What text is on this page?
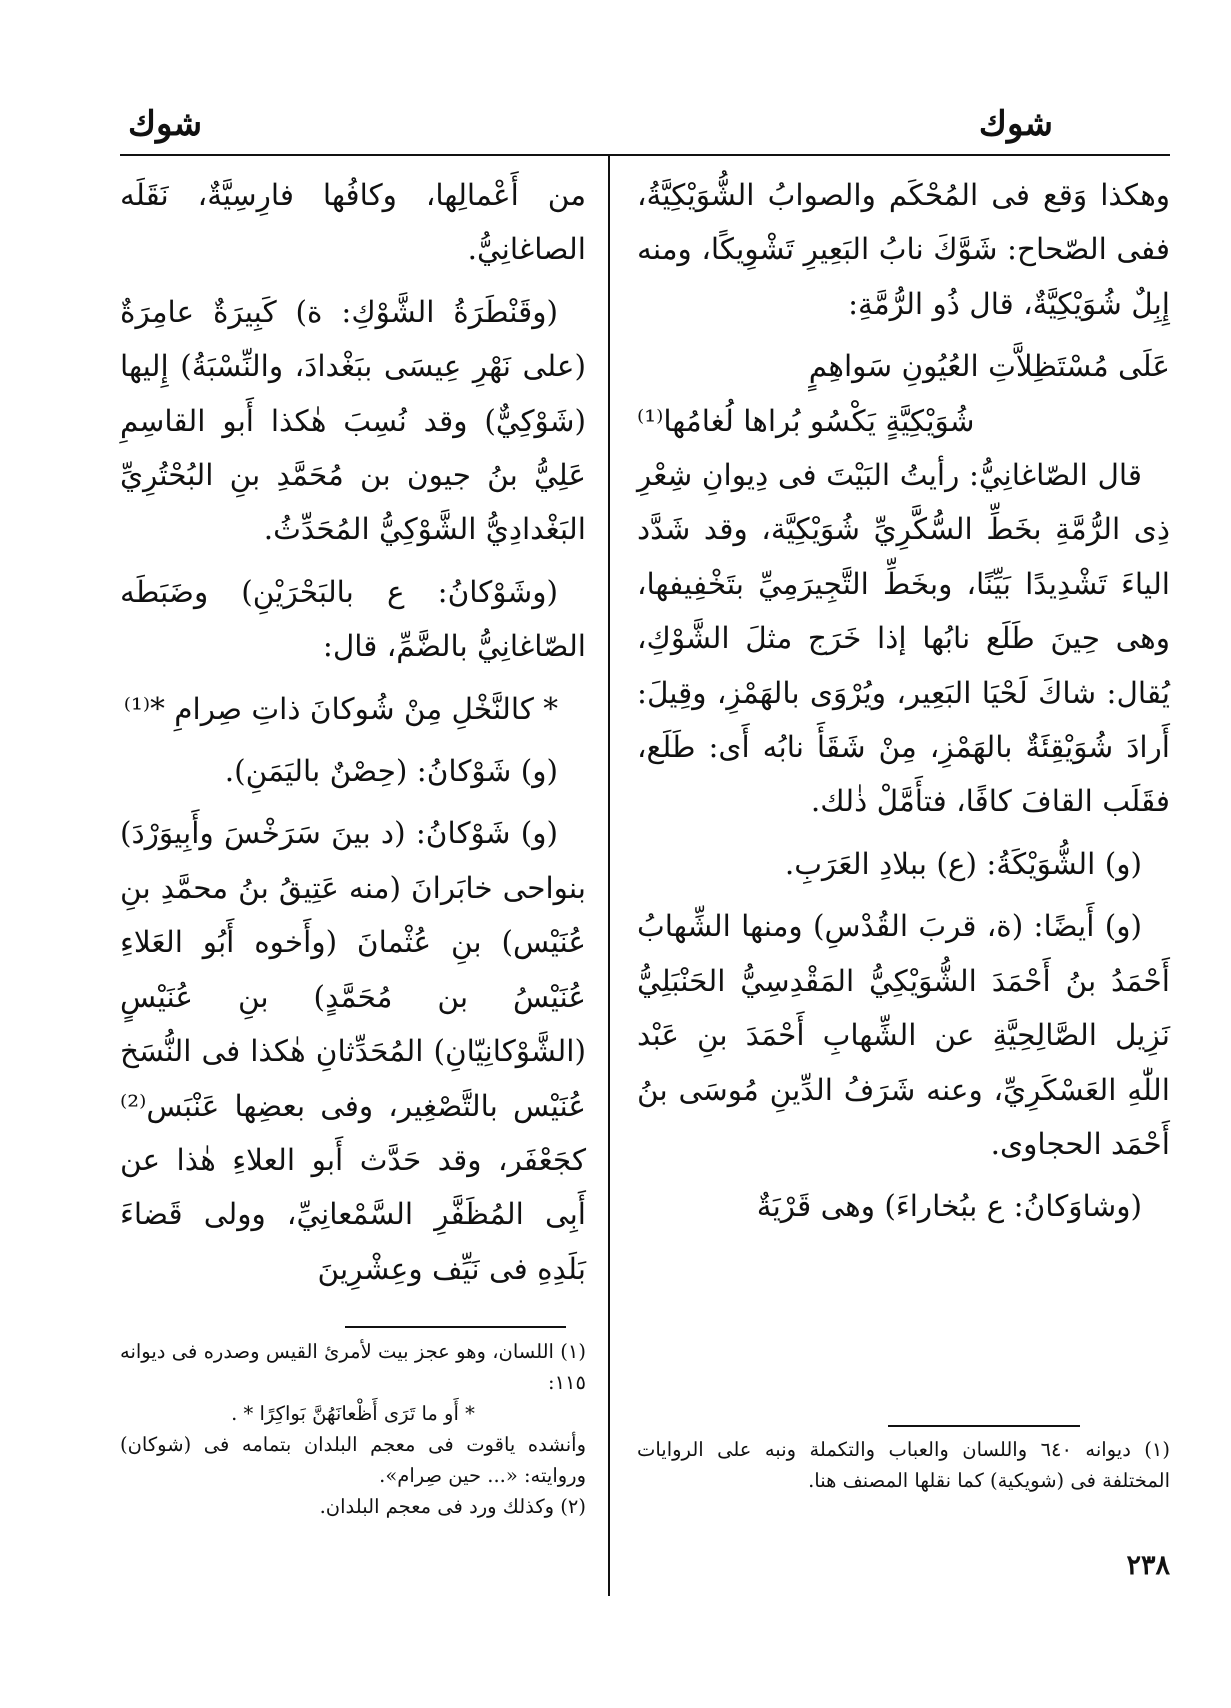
شوك
شوك

وهكذا وَقع فى المُحْكَم والصوابُ الشُّوَيْكِيَّةُ، ففى الصّحاح: شَوَّكَ نابُ البَعِيرِ تَشْوِيكًا، ومنه إِبِلٌ شُوَيْكِيَّةٌ، قال ذُو الرُّمَّةِ:

عَلَى مُسْتَظِلاَّتِ العُيُونِ سَواهِمٍ
شُوَيْكِيَّةٍ يَكْسُو بُراها لُغامُها⁽¹⁾

قال الصّاغانِيُّ: رأيتُ البَيْتَ فى دِيوانِ شِعْرِ ذِى الرُّمَّةِ بخَطِّ السُّكَّرِيِّ شُوَيْكِيَّة، وقد شَدَّد الياءَ تَشْدِيدًا بَيِّنًا، وبخَطِّ التَّجِيرَمِيِّ بتَخْفِيفها، وهى حِينَ طَلَع نابُها إذا خَرَج مثلَ الشَّوْكِ، يُقال: شاكَ لَحْيَا البَعِير، ويُرْوَى بالهَمْزِ، وقِيلَ: أَرادَ شُوَيْقِئَةٌ بالهَمْزِ، مِنْ شَقَأَ نابُه أَى: طَلَع، فقَلَب القافَ كافًا، فتأَمَّلْ ذٰلك.

(و) الشُّوَيْكَةُ: (ع) ببلادِ العَرَبِ.

(و) أَيضًا: (ة، قربَ القُدْسِ) ومنها الشِّهابُ أَحْمَدُ بنُ أَحْمَدَ الشُّوَيْكِيُّ المَقْدِسِيُّ الحَنْبَلِيُّ نَزِيل الصَّالِحِيَّةِ عن الشِّهابِ أَحْمَدَ بنِ عَبْد اللّٰهِ العَسْكَرِيِّ، وعنه شَرَفُ الدِّينِ مُوسَى بنُ أَحْمَد الحجاوى.

(وشاوَكانُ: ع ببُخاراءَ) وهى قَرْيَةٌ

من أَعْمالِها، وكافُها فارِسِيَّةٌ، نَقَلَه الصاغانِيُّ.

(وقَنْطَرَةُ الشَّوْكِ: ة) كَبِيرَةٌ عامِرَةٌ (على نَهْرِ عِيسَى ببَغْدادَ، والنِّسْبَةُ) إِليها (شَوْكِيٌّ) وقد نُسِبَ هٰكذا أَبو القاسِمِ عَلِيُّ بنُ جيون بن مُحَمَّدِ بنِ البُحْتُرِيِّ البَغْدادِيُّ الشَّوْكِيُّ المُحَدِّثُ.

(وشَوْكانُ: ع بالبَحْرَيْنِ) وضَبَطَه الصّاغانِيُّ بالضَّمِّ، قال:

* كالنَّخْلِ مِنْ شُوكانَ ذاتِ صِرامِ *⁽¹⁾

(و) شَوْكانُ: (حِصْنٌ باليَمَنِ).

(و) شَوْكانُ: (د بينَ سَرَخْسَ وأَبِيوَرْدَ) بنواحى خابَرانَ (منه عَتِيقُ بنُ محمَّدِ بنِ عُنَيْس) بنِ عُثْمانَ (وأَخوه أَبُو العَلاءِ عُنَيْسُ بن مُحَمَّدٍ) بنِ عُنَيْسٍ (الشَّوْكانِيّانِ) المُحَدِّثانِ هٰكذا فى النُّسَخ عُنَيْس بالتَّصْغِير، وفى بعضِها عَنْبَس⁽²⁾ كجَعْفَر، وقد حَدَّث أَبو العلاءِ هٰذا عن أَبِى المُظَفَّرِ السَّمْعانِيِّ، وولى قَضاءَ بَلَدِهِ فى نَيِّف وعِشْرِينَ

(١) ديوانه ٦٤٠ واللسان والعباب والتكملة ونبه على الروايات المختلفة فى (شويكية) كما نقلها المصنف هنا.

(١) اللسان، وهو عجز بيت لأمرئ القيس وصدره فى ديوانه ١١٥:

* أَو ما تَرَى أَظْعانَهُنَّ بَواكِرًا * .

وأنشده ياقوت فى معجم البلدان بتمامه فى (شوكان) وروايته: «... حين صِرام».

(٢) وكذلك ورد فى معجم البلدان.

٢٣٨
